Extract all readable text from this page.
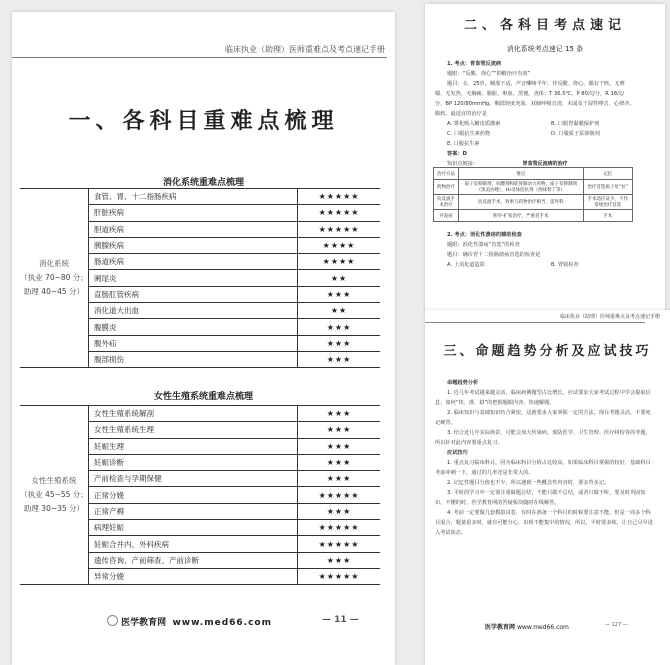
临床执业（助理）医师重难点及考点速记手册
一、各科目重难点梳理
消化系统重难点梳理
消化系统
（执业 70~80 分；
助理 40~45 分）	食管、胃、十二指肠疾病	★★★★★
	肝脏疾病	★★★★★
	胆道疾病	★★★★★
	胰腺疾病	★★★★
	肠道疾病	★★★★
	阑尾炎	★★
	直肠肛管疾病	★★★
	消化道大出血	★★
	腹膜炎	★★★
	腹外疝	★★★
	腹部损伤	★★★
女性生殖系统重难点梳理
女性生殖系统
（执业 45~55 分；
助理 30~35 分）	女性生殖系统解剖	★★★
	女性生殖系统生理	★★★
	妊娠生理	★★★
	妊娠诊断	★★★
	产前检查与孕期保健	★★★
	正常分娩	★★★★★
	正常产褥	★★★
	病理妊娠	★★★★★
	妊娠合并内、外科疾病	★★★★★
	遗传咨询、产前筛查、产前诊断	★★★
	异常分娩	★★★★★
医学教育网 www.med66.com	— 11 —
二、各科目考点速记
消化系统考点速记 15 条
1. 考点：胃食管反流病
题眼：“反酸、烧心”“抑酸治疗有效”
题目：女，25岁。咽部不适，声音嘶哑半年，伴反酸、烧心，偶有干咳，无哮
喘、无发热、无胸痛、腹胀、呕血、黑便。查体：T 36.5℃，P 80次/分，R 18次/
分，BP 120/80mmHg。咽部轻度充血，双肺呼吸音清，未闻及干湿性啰音，心律齐。
腹软。最适宜的治疗是
A. 雾化吸入糖皮质激素	B. 口服胃黏膜保护剂
C. 口服抗生素药物	D. 口服质子泵抑制剂
E. 口服抗生素
答案：D
知识点链接：	胃食管反流病的治疗
治疗方法	要点	记忆
药物治疗	质子泵抑制剂，抗酸剂和促胃肠动力药物，质子泵抑制剂（奥美拉唑），H₂受体拮抗剂（西咪替丁等）	治疗首选质子泵“拉”
抗反流手术治疗	抗反流手术，效果与药物治疗相当，需外科	手术适应证少，不作常规治疗首选
并发症	狭窄-扩张治疗，严重者手术	手术
2. 考点：消化性溃疡的辅助检查
题眼：消化性溃疡“首选”的检查
题目：确诊胃十二指肠溃疡首选的检查是
A. 上消化道造影	B. 胃镜检查
临床执业（助理）医师重难点及考点速记手册
三、命题趋势分析及应试技巧
命题趋势分析
1. 近几年考试越来越灵活，临床病例题型占比增长，应试要求大家考试过程中学会提取信息，如何“快、准、稳”的把握题眼内容，快速解题。
2. 临床知识与基础知识结合紧密，这就要求大家掌握一定的方法，现在考题灵活，不要死记硬背。
3. 结合近几年实际场景，可能会加大传染病、预防医学、卫生管理、医疗纠纷等的考题，所以针对此内容要重点复习。
应试技巧
1. 重点复习临床科目，因为临床科目分值占比较高，如果临床科目掌握的较好，基础科目考前冲刺一下，通过的几率还是非常大的。
2. 记忆性题目分值也不少，所以遇到一些概念性内容时，要多背多记。
3. 平时的学习中一定要注重做题总结，不能只做不总结，或者只做不听，要及时巩固知识，不懂的时，医学教育网的答疑板块随时在线解答。
4. 考前一定要做几套模拟试卷，有时在准备一个科目的时候要注意不能，但是一周多个科目混合，题量很多时，就有可能分心，出现不能集中的情况，所以，平时要多练，让自己尽早进入考试状态。
医学教育网 www.med66.com	— 127 —
